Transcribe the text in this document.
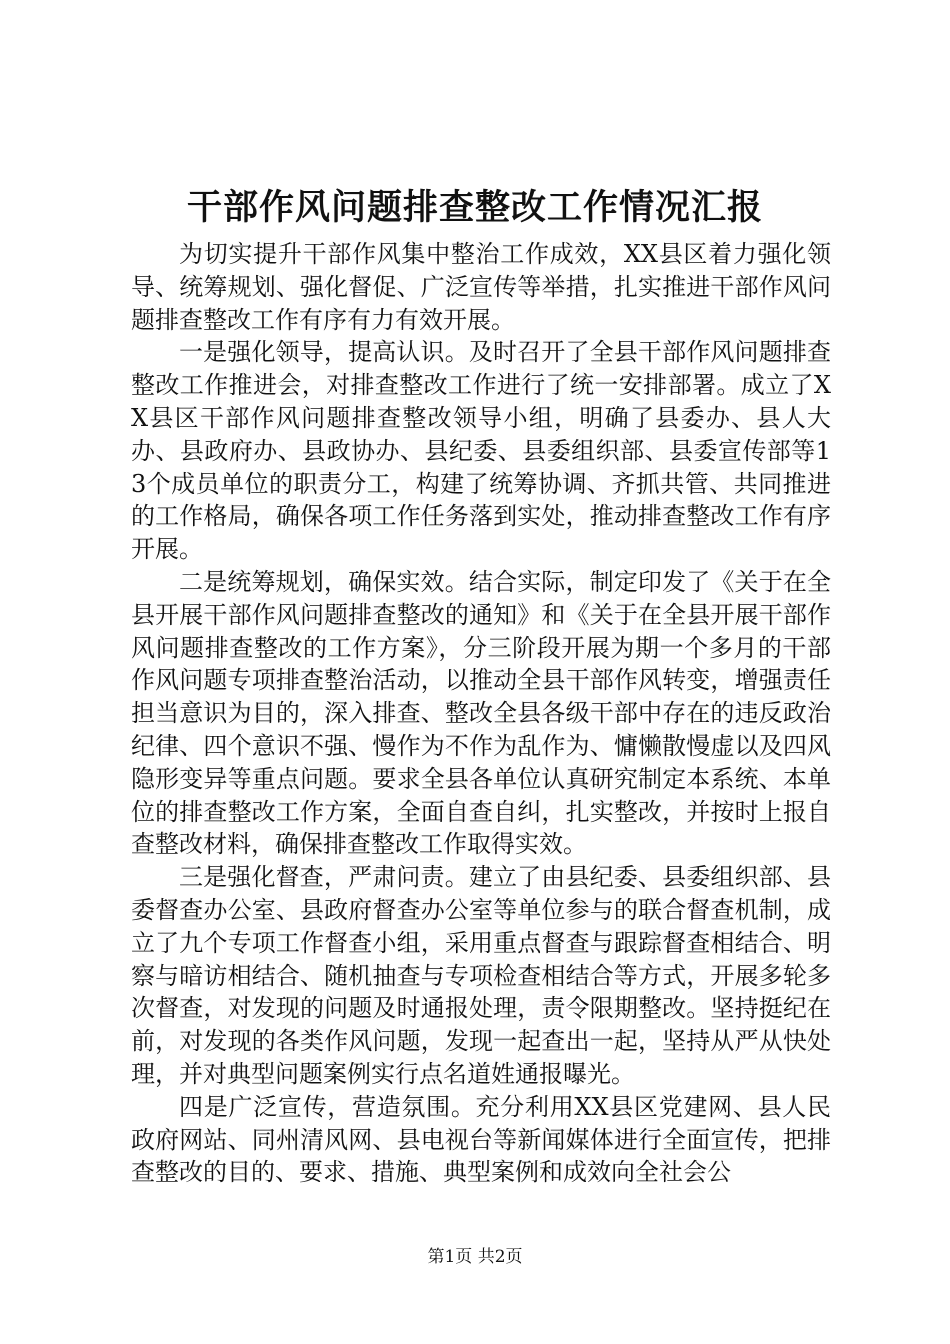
干部作风问题排查整改工作情况汇报

为切实提升干部作风集中整治工作成效，XX县区着力强化领导、统筹规划、强化督促、广泛宣传等举措，扎实推进干部作风问题排查整改工作有序有力有效开展。

一是强化领导，提高认识。及时召开了全县干部作风问题排查整改工作推进会，对排查整改工作进行了统一安排部署。成立了XX县区干部作风问题排查整改领导小组，明确了县委办、县人大办、县政府办、县政协办、县纪委、县委组织部、县委宣传部等13个成员单位的职责分工，构建了统筹协调、齐抓共管、共同推进的工作格局，确保各项工作任务落到实处，推动排查整改工作有序开展。

二是统筹规划，确保实效。结合实际，制定印发了《关于在全县开展干部作风问题排查整改的通知》和《关于在全县开展干部作风问题排查整改的工作方案》，分三阶段开展为期一个多月的干部作风问题专项排查整治活动，以推动全县干部作风转变，增强责任担当意识为目的，深入排查、整改全县各级干部中存在的违反政治纪律、四个意识不强、慢作为不作为乱作为、慵懒散慢虚以及四风隐形变异等重点问题。要求全县各单位认真研究制定本系统、本单位的排查整改工作方案，全面自查自纠，扎实整改，并按时上报自查整改材料，确保排查整改工作取得实效。

三是强化督查，严肃问责。建立了由县纪委、县委组织部、县委督查办公室、县政府督查办公室等单位参与的联合督查机制，成立了九个专项工作督查小组，采用重点督查与跟踪督查相结合、明察与暗访相结合、随机抽查与专项检查相结合等方式，开展多轮多次督查，对发现的问题及时通报处理，责令限期整改。坚持挺纪在前，对发现的各类作风问题，发现一起查出一起，坚持从严从快处理，并对典型问题案例实行点名道姓通报曝光。

四是广泛宣传，营造氛围。充分利用XX县区党建网、县人民政府网站、同州清风网、县电视台等新闻媒体进行全面宣传，把排查整改的目的、要求、措施、典型案例和成效向全社会公

第1页 共2页
